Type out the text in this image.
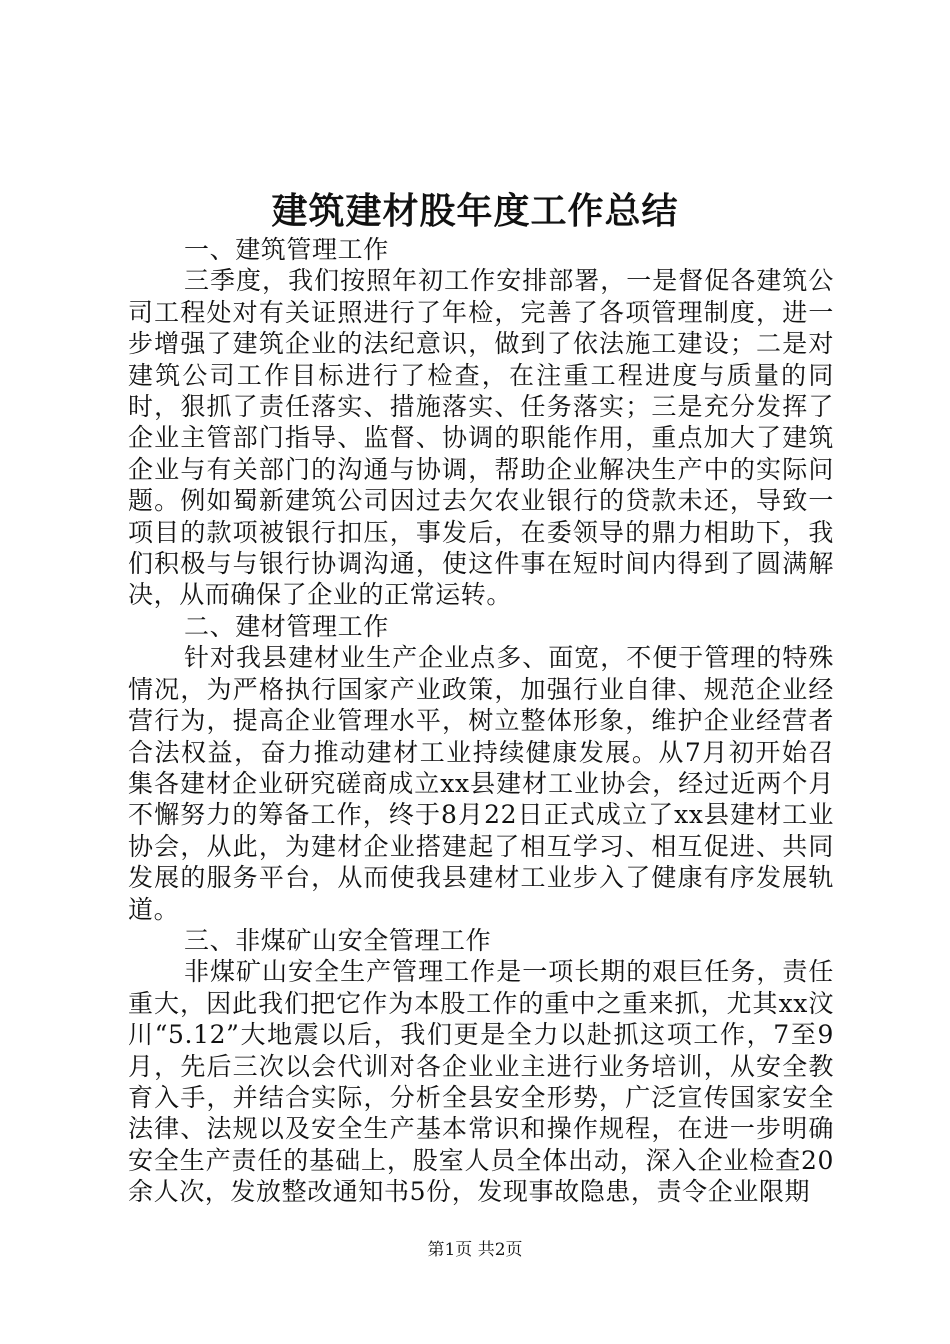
建筑建材股年度工作总结

一、建筑管理工作

三季度，我们按照年初工作安排部署，一是督促各建筑公司工程处对有关证照进行了年检，完善了各项管理制度，进一步增强了建筑企业的法纪意识，做到了依法施工建设；二是对建筑公司工作目标进行了检查，在注重工程进度与质量的同时，狠抓了责任落实、措施落实、任务落实；三是充分发挥了企业主管部门指导、监督、协调的职能作用，重点加大了建筑企业与有关部门的沟通与协调，帮助企业解决生产中的实际问题。例如蜀新建筑公司因过去欠农业银行的贷款未还，导致一项目的款项被银行扣压，事发后，在委领导的鼎力相助下，我们积极与与银行协调沟通，使这件事在短时间内得到了圆满解决，从而确保了企业的正常运转。

二、建材管理工作

针对我县建材业生产企业点多、面宽，不便于管理的特殊情况，为严格执行国家产业政策，加强行业自律、规范企业经营行为，提高企业管理水平，树立整体形象，维护企业经营者合法权益，奋力推动建材工业持续健康发展。从7月初开始召集各建材企业研究磋商成立xx县建材工业协会，经过近两个月不懈努力的筹备工作，终于8月22日正式成立了xx县建材工业协会，从此，为建材企业搭建起了相互学习、相互促进、共同发展的服务平台，从而使我县建材工业步入了健康有序发展轨道。

三、非煤矿山安全管理工作

非煤矿山安全生产管理工作是一项长期的艰巨任务，责任重大，因此我们把它作为本股工作的重中之重来抓，尤其xx汶川“5.12”大地震以后，我们更是全力以赴抓这项工作，7至9月，先后三次以会代训对各企业业主进行业务培训，从安全教育入手，并结合实际，分析全县安全形势，广泛宣传国家安全法律、法规以及安全生产基本常识和操作规程，在进一步明确安全生产责任的基础上，股室人员全体出动，深入企业检查20余人次，发放整改通知书5份，发现事故隐患，责令企业限期

第1页 共2页
